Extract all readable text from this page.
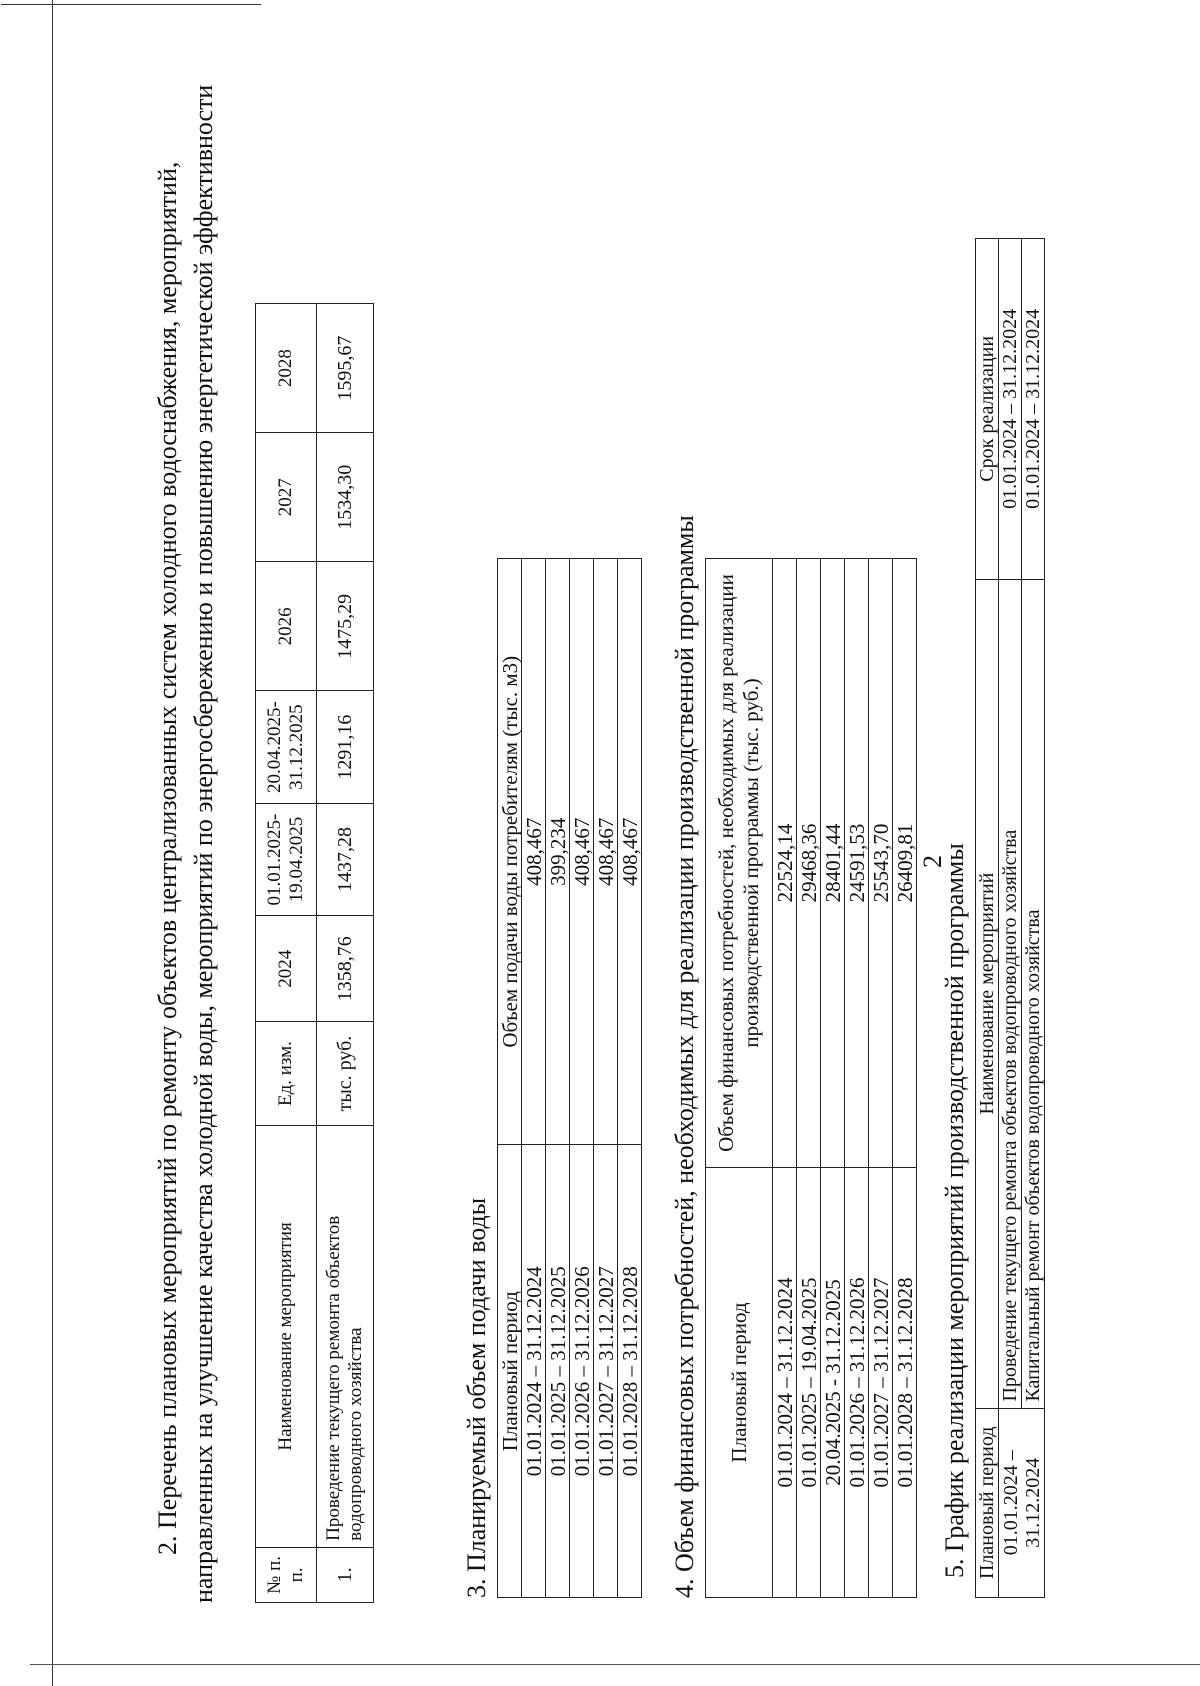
2
2. Перечень плановых мероприятий по ремонту объектов централизованных систем холодного водоснабжения, мероприятий, направленных на улучшение качества холодной воды, мероприятий по энергосбережению и повышению энергетической эффективности № п. п.	Наименование мероприятия	Ед. изм.	2024	01.01.2025- 19.04.2025	20.04.2025- 31.12.2025	2026	2027	2028
1.	Проведение текущего ремонта объектов водопроводного хозяйства	тыс. руб.	1358,76	1437,28	1291,16	1475,29	1534,30	1595,67
3. Планируемый объем подачи воды Плановый период	Объем подачи воды потребителям (тыс. м3)
01.01.2024 – 31.12.2024	408,467
01.01.2025 – 31.12.2025	399,234
01.01.2026 – 31.12.2026	408,467
01.01.2027 – 31.12.2027	408,467
01.01.2028 – 31.12.2028	408,467 4. Объем финансовых потребностей, необходимых для реализации производственной программы Плановый период	Объем финансовых потребностей, необходимых для реализации производственной программы (тыс. руб.)
01.01.2024 – 31.12.2024	22524,14
01.01.2025 – 19.04.2025	29468,36
20.04.2025 - 31.12.2025	28401,44
01.01.2026 – 31.12.2026	24591,53
01.01.2027 – 31.12.2027	25543,70
01.01.2028 – 31.12.2028	26409,81 5. График реализации мероприятий производственной программы Плановый период	Наименование мероприятий	Срок реализации
01.01.2024 – 31.12.2024	Проведение текущего ремонта объектов водопроводного хозяйства	01.01.2024 – 31.12.2024
	Капитальный ремонт объектов водопроводного хозяйства	01.01.2024 – 31.12.2024
